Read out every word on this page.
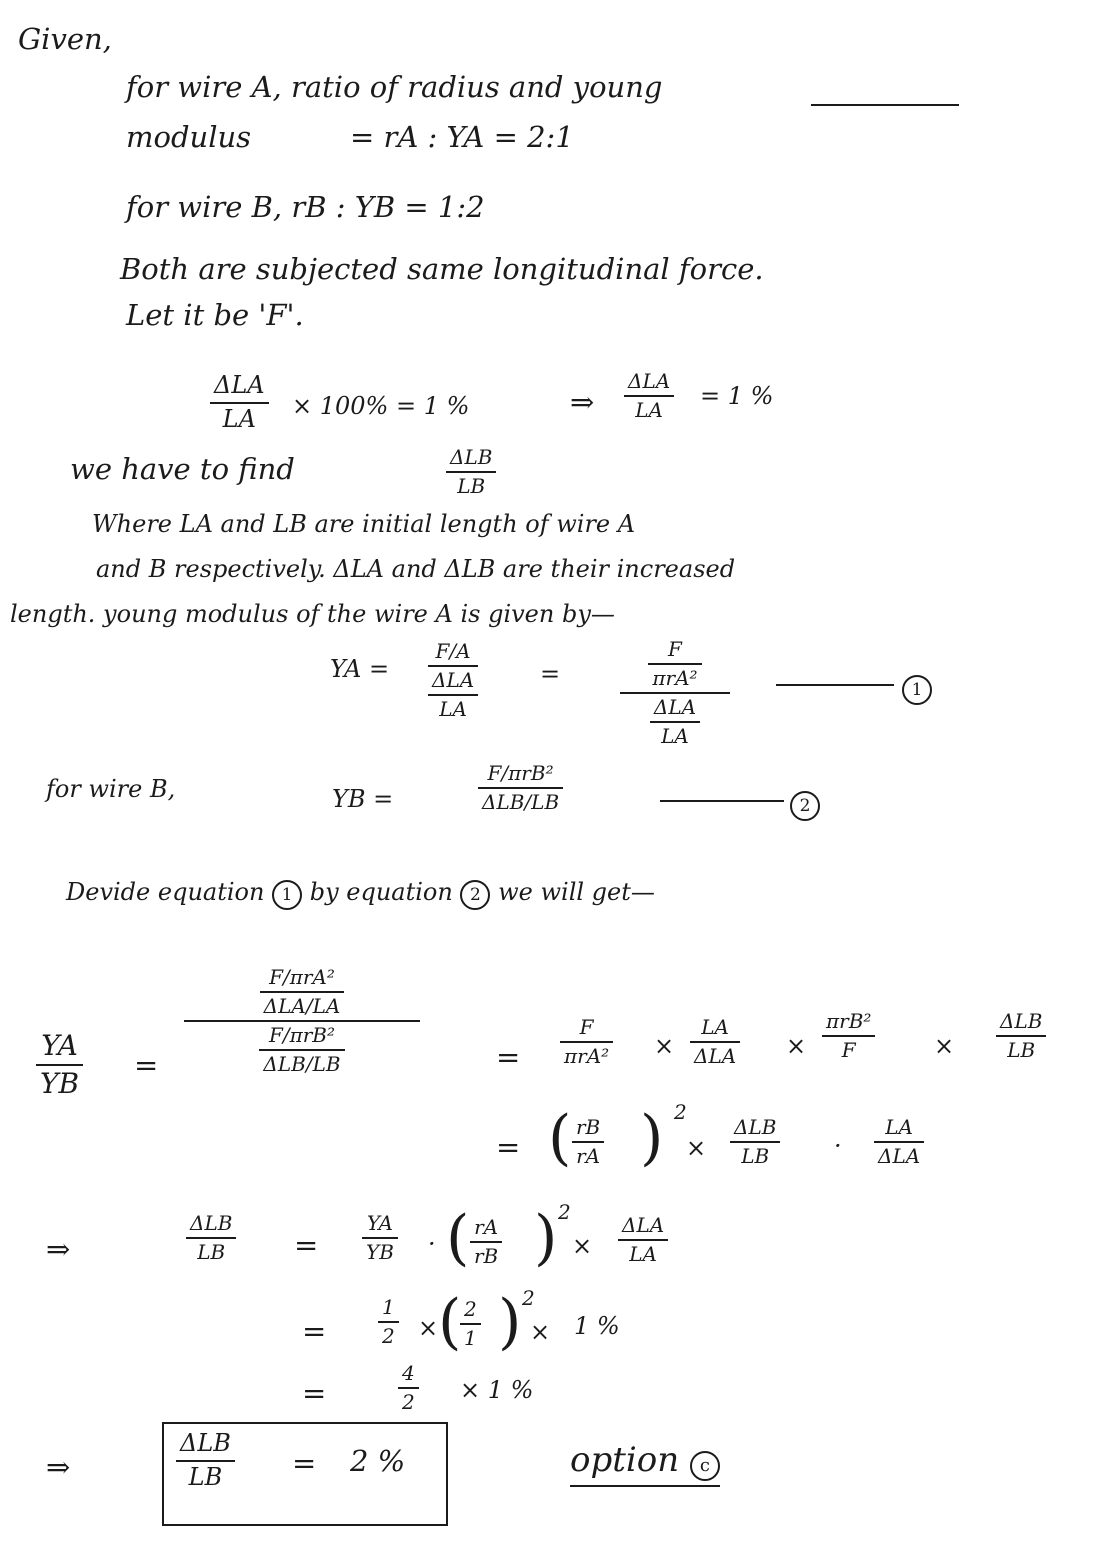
Given,
for wire A, ratio of radius and young
modulus	= rA : YA = 2:1
for wire B, rB : YB = 1:2
Both are subjected same longitudinal force.
Let it be 'F'.
ΔLA
LA × 100% = 1 %	⇒
ΔLA
LA = 1 %
we have to find	ΔLB
LB
Where LA and LB are initial length of wire A
and B respectively. ΔLA and ΔLB are their increased
length. young modulus of the wire A is given by—
YA =
F/A
$\frac{\text{ΔLA}}{LA}$	=	$\frac{F}{\text{πrA²}}$
$\frac{\text{ΔLA}}{LA}$
1
for wire B,	YB =
F/πrB²
ΔLB/LB	2
Devide equation 1 by equation 2 we will get—
YA
YB
=
$\frac{\text{F/πrA²}}{\text{ΔLA/LA}}$
$\frac{\text{F/πrB²}}{\text{ΔLB/LB}}$	=
F
πrA² ×
LA
ΔLA ×
πrB²
F	×
ΔLB
LB
= ( rB
rA ) 2
×
ΔLB
LB	·
LA
ΔLA
⇒
ΔLB
LB =
YA
YB · ( rA
rB ) 2
×
ΔLA
LA
=
1
2 × ( 2
1 ) 2
× 1 %
=
4
2 × 1 %
⇒
ΔLB
LB = 2 %	option c
